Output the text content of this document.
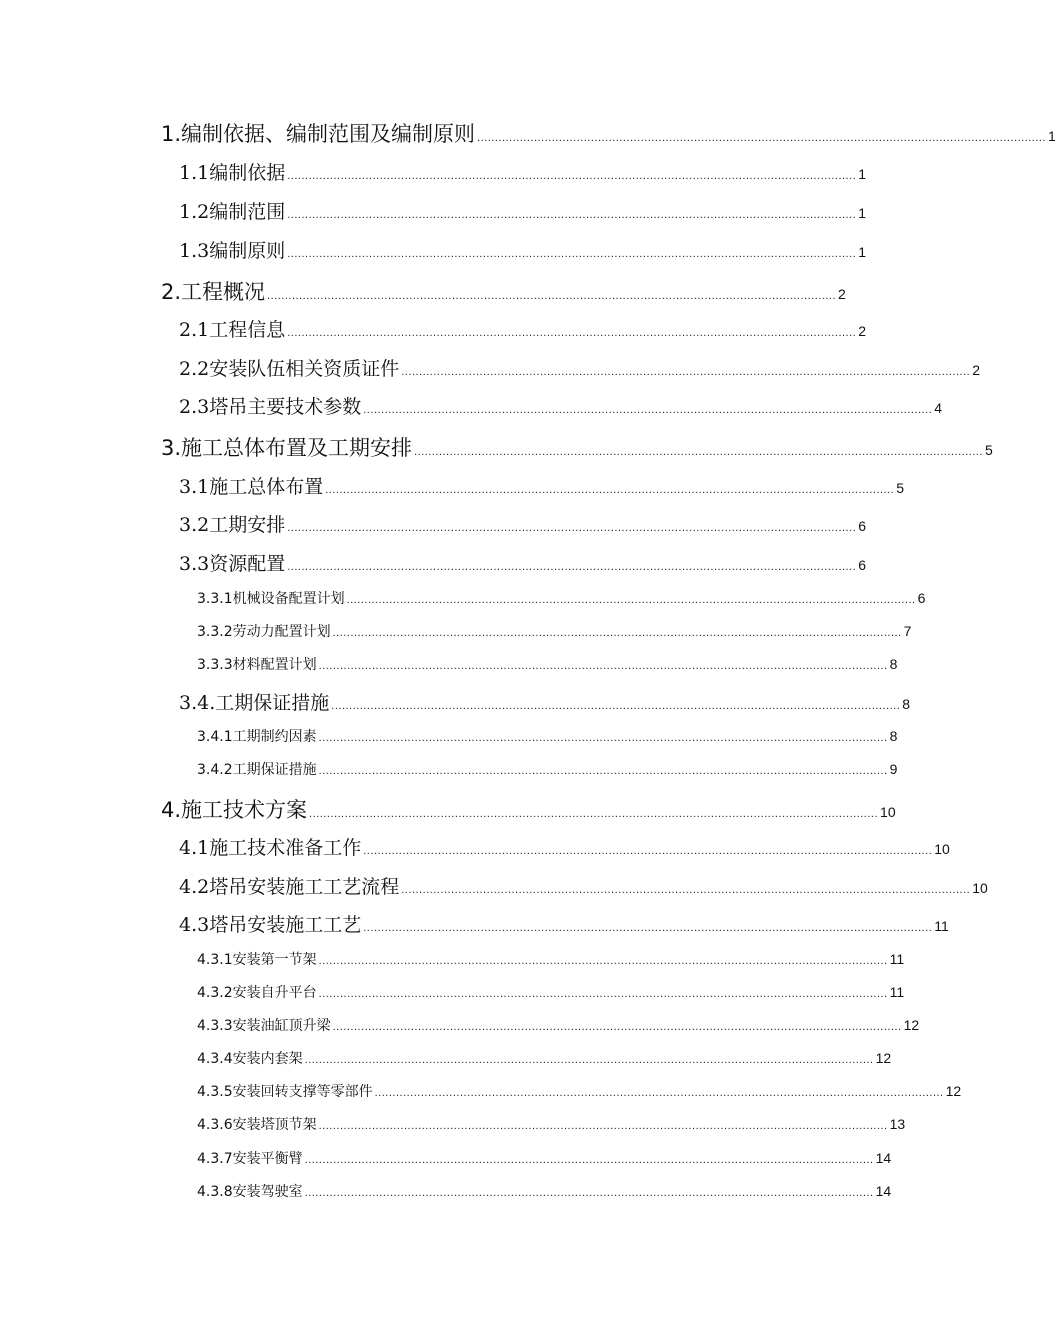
1.编制依据、编制范围及编制原则 ................................................................................................................................................................ 1
1.1编制依据 ................................................................................................................................................................ 1
1.2编制范围 ................................................................................................................................................................ 1
1.3编制原则 ................................................................................................................................................................ 1
2.工程概况 ................................................................................................................................................................ 2
2.1工程信息 ................................................................................................................................................................ 2
2.2安装队伍相关资质证件 ................................................................................................................................................................ 2
2.3塔吊主要技术参数 ................................................................................................................................................................ 4
3.施工总体布置及工期安排 ................................................................................................................................................................ 5
3.1施工总体布置 ................................................................................................................................................................ 5
3.2工期安排 ................................................................................................................................................................ 6
3.3资源配置 ................................................................................................................................................................ 6
3.3.1机械设备配置计划 ................................................................................................................................................................ 6
3.3.2劳动力配置计划 ................................................................................................................................................................ 7
3.3.3材料配置计划 ................................................................................................................................................................ 8
3.4.工期保证措施 ................................................................................................................................................................ 8
3.4.1工期制约因素 ................................................................................................................................................................ 8
3.4.2工期保证措施 ................................................................................................................................................................ 9
4.施工技术方案 ................................................................................................................................................................ 10
4.1施工技术准备工作 ................................................................................................................................................................ 10
4.2塔吊安装施工工艺流程 ................................................................................................................................................................ 10
4.3塔吊安装施工工艺 ................................................................................................................................................................ 11
4.3.1安装第一节架 ................................................................................................................................................................ 11
4.3.2安装自升平台 ................................................................................................................................................................ 11
4.3.3安装油缸顶升梁 ................................................................................................................................................................ 12
4.3.4安装内套架 ................................................................................................................................................................ 12
4.3.5安装回转支撑等零部件 ................................................................................................................................................................ 12
4.3.6安装塔顶节架 ................................................................................................................................................................ 13
4.3.7安装平衡臂 ................................................................................................................................................................ 14
4.3.8安装驾驶室 ................................................................................................................................................................ 14
